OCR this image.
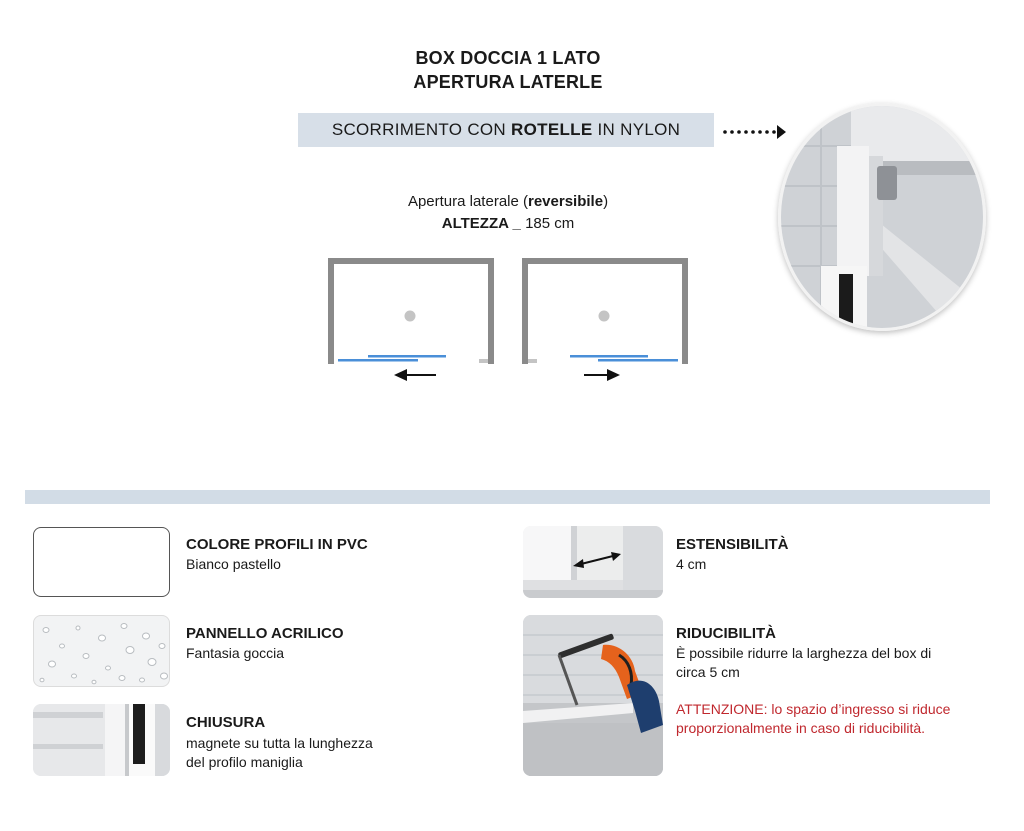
BOX DOCCIA 1 LATO
APERTURA LATERLE
SCORRIMENTO CON ROTELLE IN NYLON
Apertura laterale (reversibile)
ALTEZZA _ 185 cm
COLORE PROFILI IN PVC
Bianco pastello
PANNELLO ACRILICO
Fantasia goccia
CHIUSURA
magnete su tutta la lunghezza
del profilo maniglia
ESTENSIBILITÀ
4 cm
RIDUCIBILITÀ
È possibile ridurre la larghezza del box di
circa 5 cm
ATTENZIONE: lo spazio d’ingresso si riduce
proporzionalmente in caso di riducibilità.
